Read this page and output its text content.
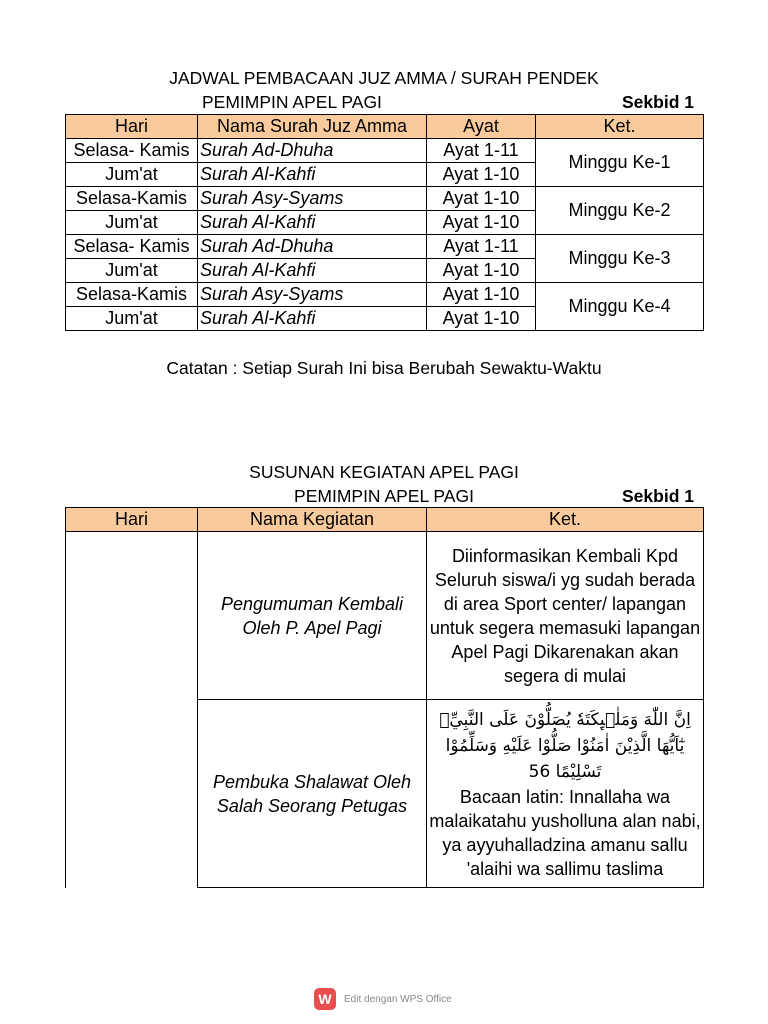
JADWAL PEMBACAAN JUZ AMMA / SURAH PENDEK
PEMIMPIN APEL PAGI	Sekbid 1
Hari	Nama Surah Juz Amma	Ayat	Ket.
Selasa- Kamis	Surah Ad-Dhuha	Ayat 1-11	Minggu Ke-1
Jum'at	Surah Al-Kahfi	Ayat 1-10	
Selasa-Kamis	Surah Asy-Syams	Ayat 1-10	Minggu Ke-2
Jum'at	Surah Al-Kahfi	Ayat 1-10	
Selasa- Kamis	Surah Ad-Dhuha	Ayat 1-11	Minggu Ke-3
Jum'at	Surah Al-Kahfi	Ayat 1-10	
Selasa-Kamis	Surah Asy-Syams	Ayat 1-10	Minggu Ke-4
Jum'at	Surah Al-Kahfi	Ayat 1-10	
Catatan : Setiap Surah Ini bisa Berubah Sewaktu-Waktu
SUSUNAN KEGIATAN APEL PAGI
PEMIMPIN APEL PAGI	Sekbid 1
Hari	Nama Kegiatan	Ket.
	Pengumuman Kembali Oleh P. Apel Pagi	Diinformasikan Kembali Kpd Seluruh siswa/i yg sudah berada di area Sport center/ lapangan untuk segera memasuki lapangan Apel Pagi Dikarenakan akan segera di mulai
	Pembuka Shalawat Oleh Salah Seorang Petugas	اِنَّ اللّٰهَ وَمَلٰۤىِٕكَتَهٗ يُصَلُّوْنَ عَلَى النَّبِيِّۗ يٰٓاَيُّهَا الَّذِيْنَ اٰمَنُوْا صَلُّوْا عَلَيْهِ وَسَلِّمُوْا تَسْلِيْمًا 56
Bacaan latin: Innallaha wa malaikatahu yusholluna alan nabi, ya ayyuhalladzina amanu sallu 'alaihi wa sallimu taslima
W	Edit dengan WPS Office
